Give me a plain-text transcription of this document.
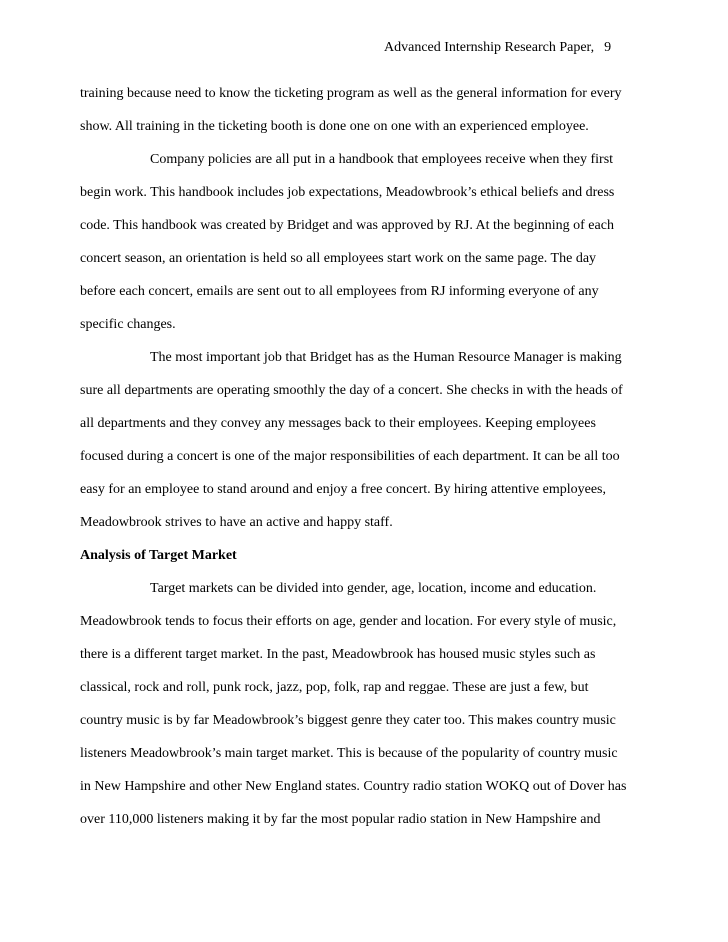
Advanced Internship Research Paper, 9
training because need to know the ticketing program as well as the general information for every
show. All training in the ticketing booth is done one on one with an experienced employee.
Company policies are all put in a handbook that employees receive when they first
begin work. This handbook includes job expectations, Meadowbrook’s ethical beliefs and dress
code. This handbook was created by Bridget and was approved by RJ. At the beginning of each
concert season, an orientation is held so all employees start work on the same page. The day
before each concert, emails are sent out to all employees from RJ informing everyone of any
specific changes.
The most important job that Bridget has as the Human Resource Manager is making
sure all departments are operating smoothly the day of a concert. She checks in with the heads of
all departments and they convey any messages back to their employees. Keeping employees
focused during a concert is one of the major responsibilities of each department. It can be all too
easy for an employee to stand around and enjoy a free concert. By hiring attentive employees,
Meadowbrook strives to have an active and happy staff.
Analysis of Target Market
Target markets can be divided into gender, age, location, income and education.
Meadowbrook tends to focus their efforts on age, gender and location. For every style of music,
there is a different target market. In the past, Meadowbrook has housed music styles such as
classical, rock and roll, punk rock, jazz, pop, folk, rap and reggae. These are just a few, but
country music is by far Meadowbrook’s biggest genre they cater too. This makes country music
listeners Meadowbrook’s main target market. This is because of the popularity of country music
in New Hampshire and other New England states. Country radio station WOKQ out of Dover has
over 110,000 listeners making it by far the most popular radio station in New Hampshire and
